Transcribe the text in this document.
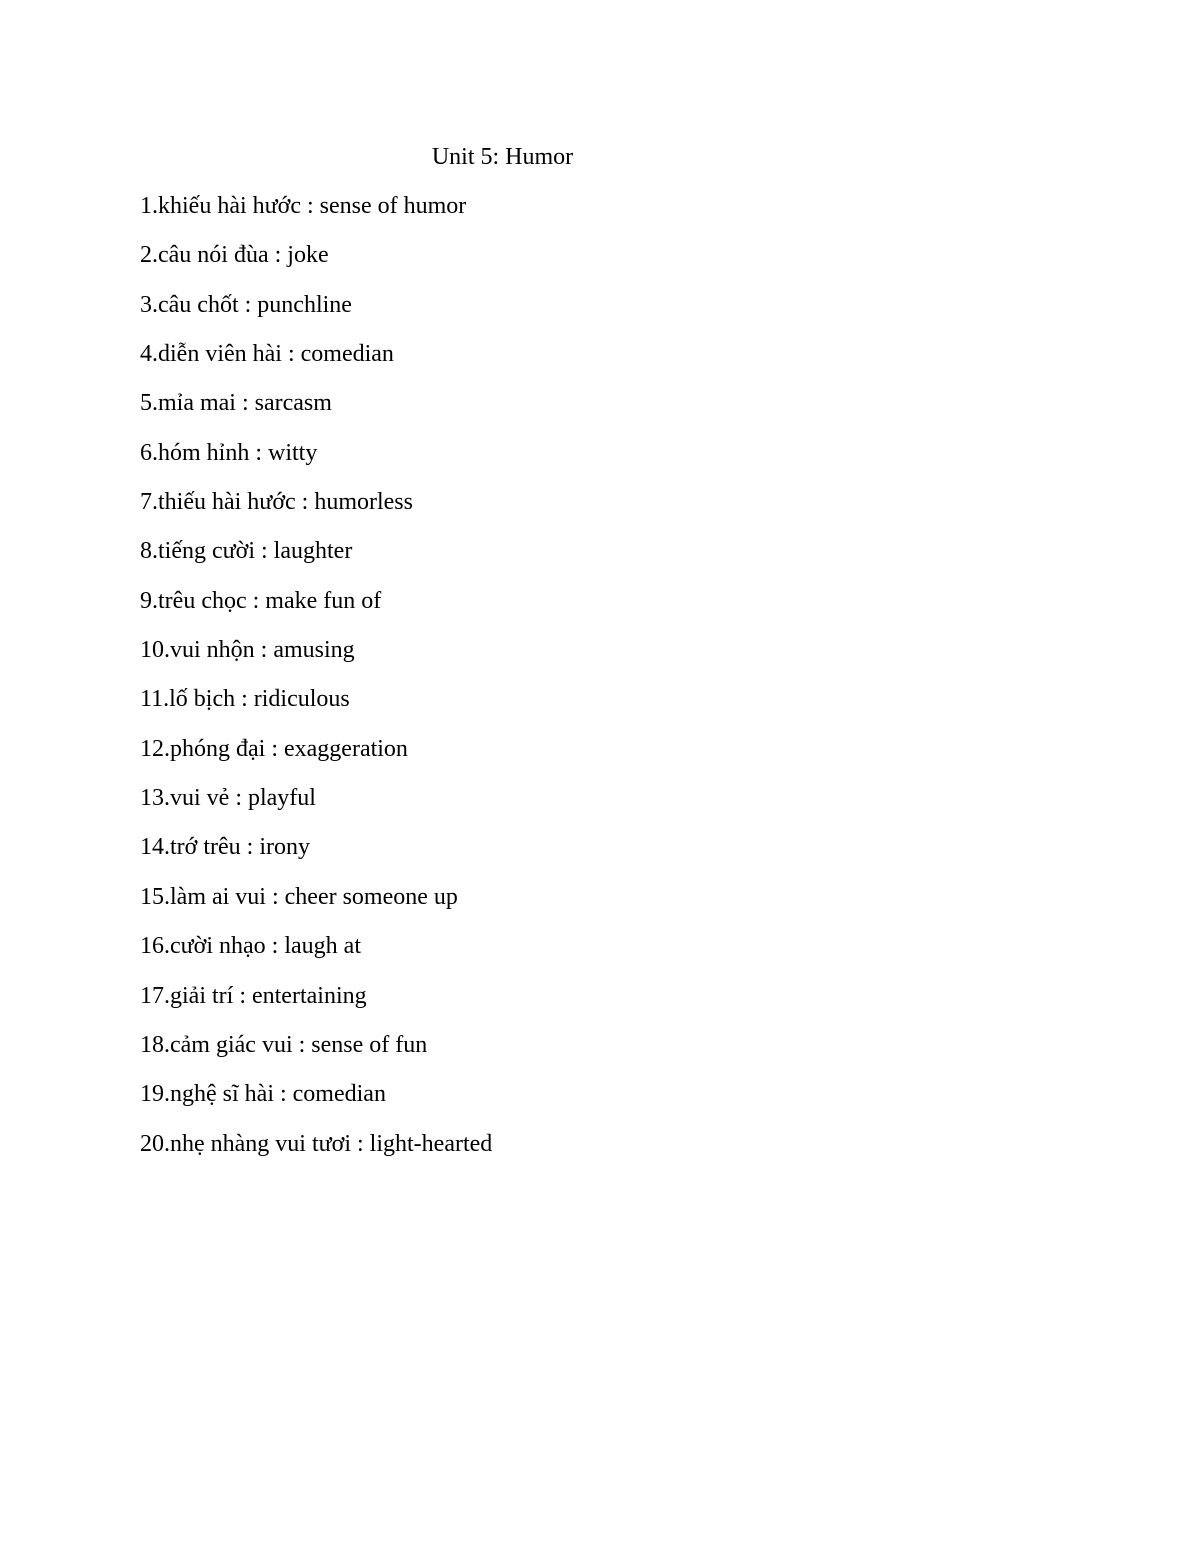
Unit 5: Humor
1.khiếu hài hước : sense of humor
2.câu nói đùa : joke
3.câu chốt : punchline
4.diễn viên hài : comedian
5.mỉa mai : sarcasm
6.hóm hỉnh : witty
7.thiếu hài hước : humorless
8.tiếng cười : laughter
9.trêu chọc : make fun of
10.vui nhộn : amusing
11.lố bịch : ridiculous
12.phóng đại : exaggeration
13.vui vẻ : playful
14.trớ trêu : irony
15.làm ai vui : cheer someone up
16.cười nhạo : laugh at
17.giải trí : entertaining
18.cảm giác vui : sense of fun
19.nghệ sĩ hài : comedian
20.nhẹ nhàng vui tươi : light-hearted
